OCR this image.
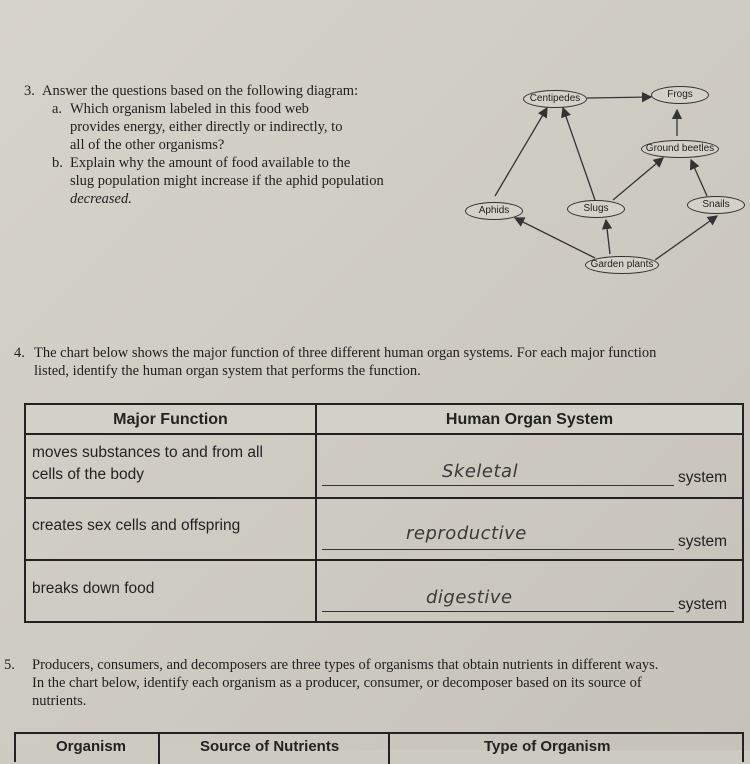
3. Answer the questions based on the following diagram:
a. Which organism labeled in this food web
provides energy, either directly or indirectly, to
all of the other organisms?
b. Explain why the amount of food available to the
slug population might increase if the aphid population
decreased.
Centipedes	Frogs
Ground beetles
Aphids	Slugs	Snails
Garden plants
4. The chart below shows the major function of three different human organ systems. For each major function
listed, identify the human organ system that performs the function.
Major Function	Human Organ System
moves substances to and from all
cells of the body	Skeletal	system
creates sex cells and offspring	reproductive	system
breaks down food	digestive	system
5. Producers, consumers, and decomposers are three types of organisms that obtain nutrients in different ways.
In the chart below, identify each organism as a producer, consumer, or decomposer based on its source of
nutrients.
Organism	Source of Nutrients	Type of Organism
